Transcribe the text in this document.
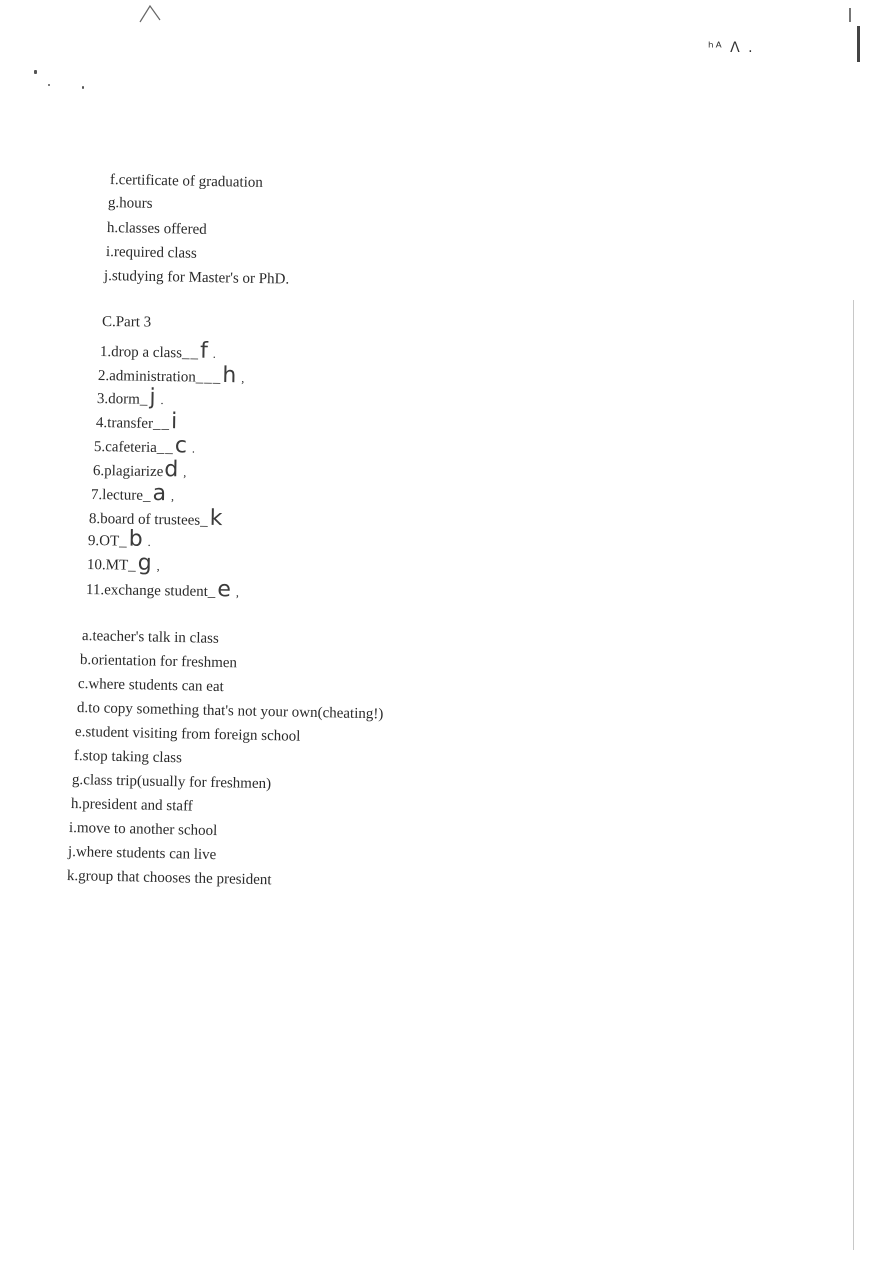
ʰᴬ ᐱ .
f.certificate of graduation
g.hours
h.classes offered
i.required class
j.studying for Master's or PhD.
C.Part 3
1.drop a class__f .
2.administration___h ,
3.dorm_j .
4.transfer__i
5.cafeteria__c .
6.plagiarized ,
7.lecture_a ,
8.board of trustees_k
9.OT_b .
10.MT_g ,
11.exchange student_e ,
a.teacher's talk in class
b.orientation for freshmen
c.where students can eat
d.to copy something that's not your own(cheating!)
e.student visiting from foreign school
f.stop taking class
g.class trip(usually for freshmen)
h.president and staff
i.move to another school
j.where students can live
k.group that chooses the president
